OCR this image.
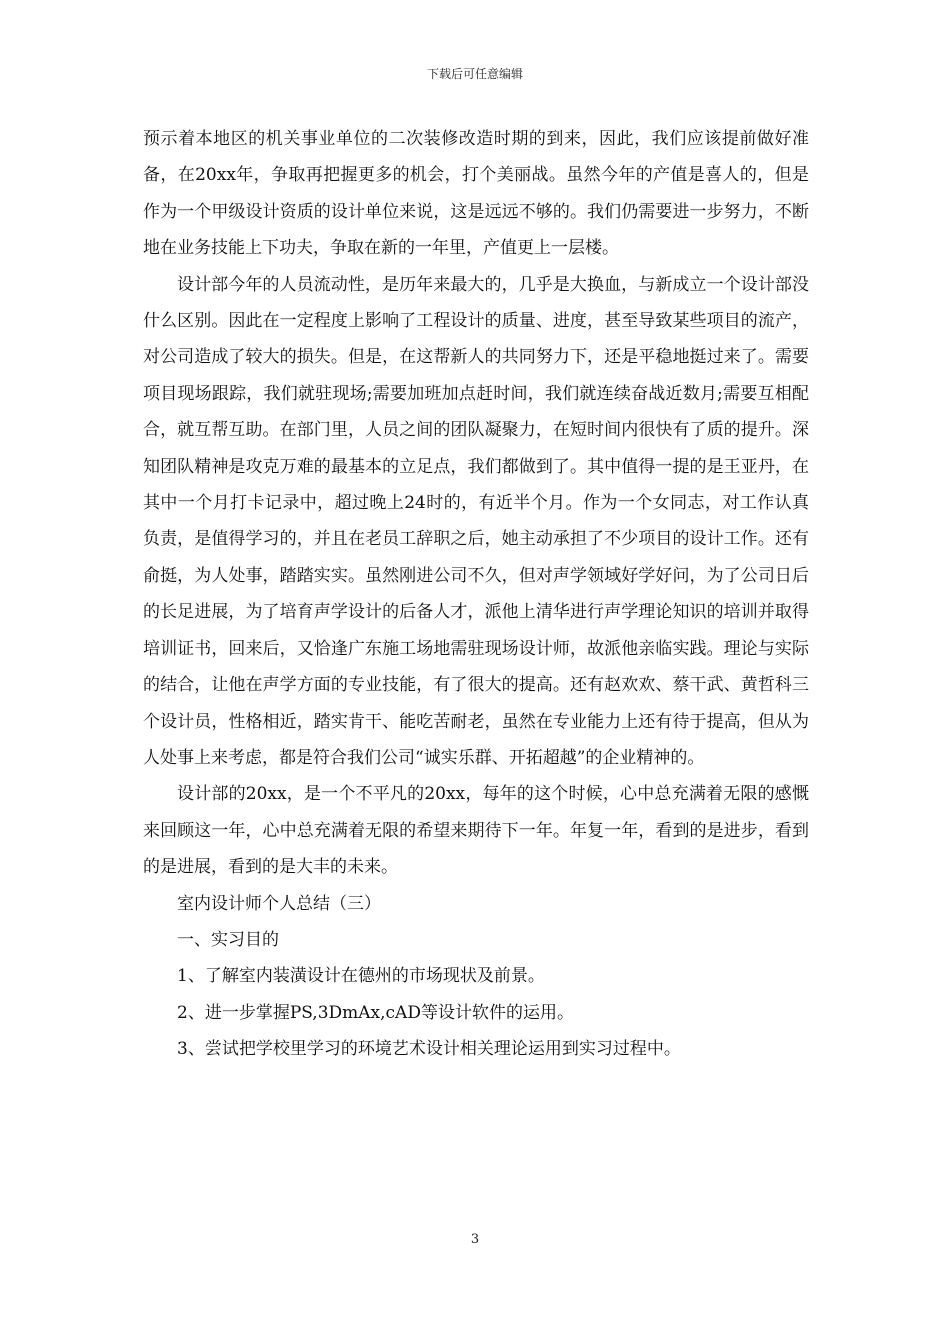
下载后可任意编辑

预示着本地区的机关事业单位的二次装修改造时期的到来，因此，我们应该提前做好准备，在20xx年，争取再把握更多的机会，打个美丽战。虽然今年的产值是喜人的，但是作为一个甲级设计资质的设计单位来说，这是远远不够的。我们仍需要进一步努力，不断地在业务技能上下功夫，争取在新的一年里，产值更上一层楼。

设计部今年的人员流动性，是历年来最大的，几乎是大换血，与新成立一个设计部没什么区别。因此在一定程度上影响了工程设计的质量、进度，甚至导致某些项目的流产，对公司造成了较大的损失。但是，在这帮新人的共同努力下，还是平稳地挺过来了。需要项目现场跟踪，我们就驻现场;需要加班加点赶时间，我们就连续奋战近数月;需要互相配合，就互帮互助。在部门里，人员之间的团队凝聚力，在短时间内很快有了质的提升。深知团队精神是攻克万难的最基本的立足点，我们都做到了。其中值得一提的是王亚丹，在其中一个月打卡记录中，超过晚上24时的，有近半个月。作为一个女同志，对工作认真负责，是值得学习的，并且在老员工辞职之后，她主动承担了不少项目的设计工作。还有俞挺，为人处事，踏踏实实。虽然刚进公司不久，但对声学领域好学好问，为了公司日后的长足进展，为了培育声学设计的后备人才，派他上清华进行声学理论知识的培训并取得培训证书，回来后，又恰逢广东施工场地需驻现场设计师，故派他亲临实践。理论与实际的结合，让他在声学方面的专业技能，有了很大的提高。还有赵欢欢、蔡干武、黄哲科三个设计员，性格相近，踏实肯干、能吃苦耐老，虽然在专业能力上还有待于提高，但从为人处事上来考虑，都是符合我们公司“诚实乐群、开拓超越”的企业精神的。

设计部的20xx，是一个不平凡的20xx，每年的这个时候，心中总充满着无限的感慨来回顾这一年，心中总充满着无限的希望来期待下一年。年复一年，看到的是进步，看到的是进展，看到的是大丰的未来。

室内设计师个人总结（三）

一、实习目的

1、了解室内装潢设计在德州的市场现状及前景。

2、进一步掌握PS,3DmAx,cAD等设计软件的运用。

3、尝试把学校里学习的环境艺术设计相关理论运用到实习过程中。

3
